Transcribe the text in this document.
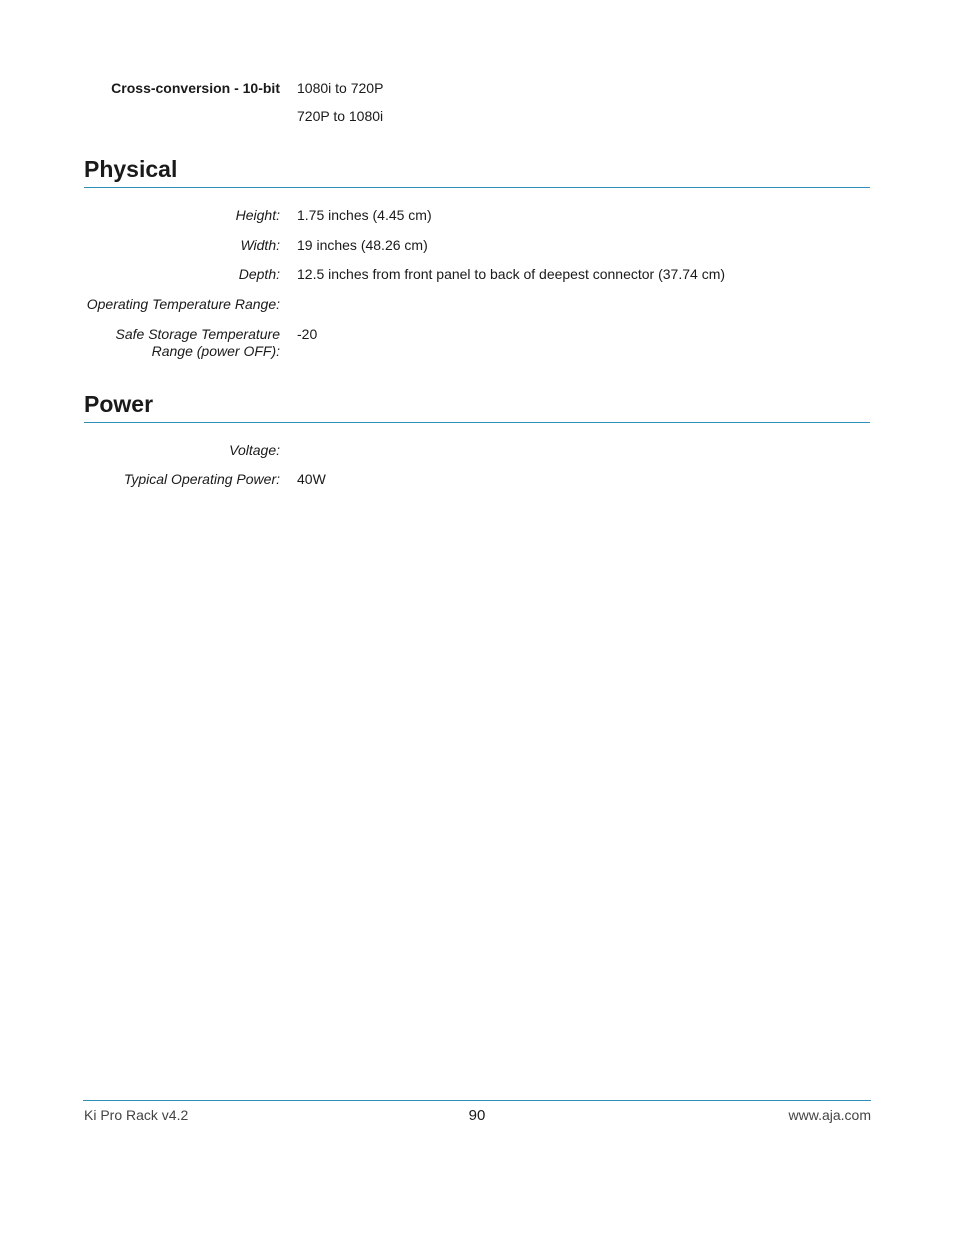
Cross-conversion - 10-bit 1080i to 720P
720P to 1080i
Physical
Height: 1.75 inches (4.45 cm)
Width: 19 inches (48.26 cm)
Depth: 12.5 inches from front panel to back of deepest connector (37.74 cm)
Operating Temperature Range:
Safe Storage Temperature -20
Range (power OFF):
Power
Voltage:
Typical Operating Power: 40W
Ki Pro Rack v4.2	90	www.aja.com
